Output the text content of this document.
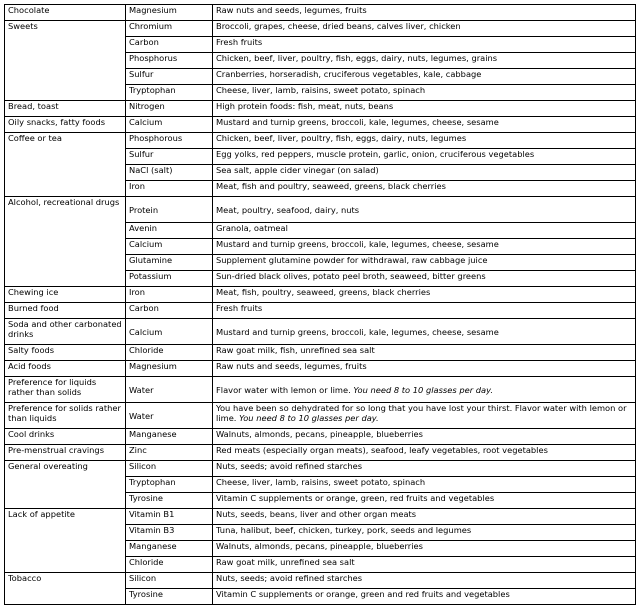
Chocolate	Magnesium	Raw nuts and seeds, legumes, fruits
Sweets	Chromium	Broccoli, grapes, cheese, dried beans, calves liver, chicken
	Carbon	Fresh fruits
	Phosphorus	Chicken, beef, liver, poultry, fish, eggs, dairy, nuts, legumes, grains
	Sulfur	Cranberries, horseradish, cruciferous vegetables, kale, cabbage
	Tryptophan	Cheese, liver, lamb, raisins, sweet potato, spinach
Bread, toast	Nitrogen	High protein foods: fish, meat, nuts, beans
Oily snacks, fatty foods	Calcium	Mustard and turnip greens, broccoli, kale, legumes, cheese, sesame
Coffee or tea	Phosphorous	Chicken, beef, liver, poultry, fish, eggs, dairy, nuts, legumes
	Sulfur	Egg yolks, red peppers, muscle protein, garlic, onion, cruciferous vegetables
	NaCl (salt)	Sea salt, apple cider vinegar (on salad)
	Iron	Meat, fish and poultry, seaweed, greens, black cherries
Alcohol, recreational drugs	Protein	Meat, poultry, seafood, dairy, nuts
	Avenin	Granola, oatmeal
	Calcium	Mustard and turnip greens, broccoli, kale, legumes, cheese, sesame
	Glutamine	Supplement glutamine powder for withdrawal, raw cabbage juice
	Potassium	Sun-dried black olives, potato peel broth, seaweed, bitter greens
Chewing ice	Iron	Meat, fish, poultry, seaweed, greens, black cherries
Burned food	Carbon	Fresh fruits
Soda and other carbonated drinks	Calcium	Mustard and turnip greens, broccoli, kale, legumes, cheese, sesame
Salty foods	Chloride	Raw goat milk, fish, unrefined sea salt
Acid foods	Magnesium	Raw nuts and seeds, legumes, fruits
Preference for liquids rather than solids	Water	Flavor water with lemon or lime. You need 8 to 10 glasses per day.
Preference for solids rather than liquids	Water	You have been so dehydrated for so long that you have lost your thirst. Flavor water with lemon or lime. You need 8 to 10 glasses per day.
Cool drinks	Manganese	Walnuts, almonds, pecans, pineapple, blueberries
Pre-menstrual cravings	Zinc	Red meats (especially organ meats), seafood, leafy vegetables, root vegetables
General overeating	Silicon	Nuts, seeds; avoid refined starches
	Tryptophan	Cheese, liver, lamb, raisins, sweet potato, spinach
	Tyrosine	Vitamin C supplements or orange, green, red fruits and vegetables
Lack of appetite	Vitamin B1	Nuts, seeds, beans, liver and other organ meats
	Vitamin B3	Tuna, halibut, beef, chicken, turkey, pork, seeds and legumes
	Manganese	Walnuts, almonds, pecans, pineapple, blueberries
	Chloride	Raw goat milk, unrefined sea salt
Tobacco	Silicon	Nuts, seeds; avoid refined starches
	Tyrosine	Vitamin C supplements or orange, green and red fruits and vegetables
